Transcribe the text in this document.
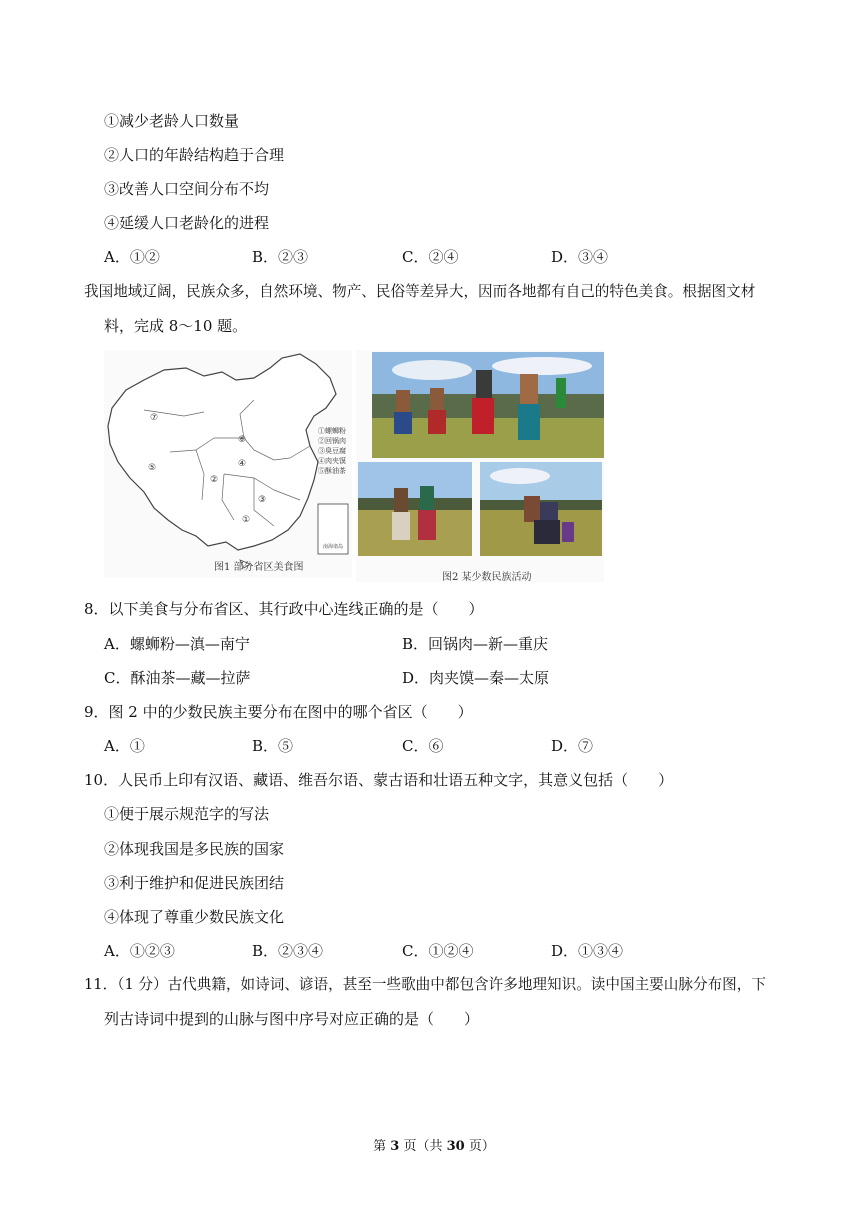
①减少老龄人口数量
②人口的年龄结构趋于合理
③改善人口空间分布不均
④延缓人口老龄化的进程
A．①②	B．②③	C．②④	D．③④
我国地域辽阔，民族众多，自然环境、物产、民俗等差异大，因而各地都有自己的特色美食。根据图文材
料，完成 8～10 题。
南海诸岛
⑦
⑤
⑥
②
③
④
①
①螺蛳粉
②回锅肉
③臭豆腐
④肉夹馍
⑤酥油茶
图1 部分省区美食图
图2 某少数民族活动
8．以下美食与分布省区、其行政中心连线正确的是（　　）
A．螺蛳粉—滇—南宁	B．回锅肉—新—重庆
C．酥油茶—藏—拉萨	D．肉夹馍—秦—太原
9．图 2 中的少数民族主要分布在图中的哪个省区（　　）
A．①	B．⑤	C．⑥	D．⑦
10．人民币上印有汉语、藏语、维吾尔语、蒙古语和壮语五种文字，其意义包括（　　）
①便于展示规范字的写法
②体现我国是多民族的国家
③利于维护和促进民族团结
④体现了尊重少数民族文化
A．①②③	B．②③④	C．①②④	D．①③④
11．（1 分）古代典籍，如诗词、谚语，甚至一些歌曲中都包含许多地理知识。读中国主要山脉分布图，下
列古诗词中提到的山脉与图中序号对应正确的是（　　）
第 3 页（共 30 页）
